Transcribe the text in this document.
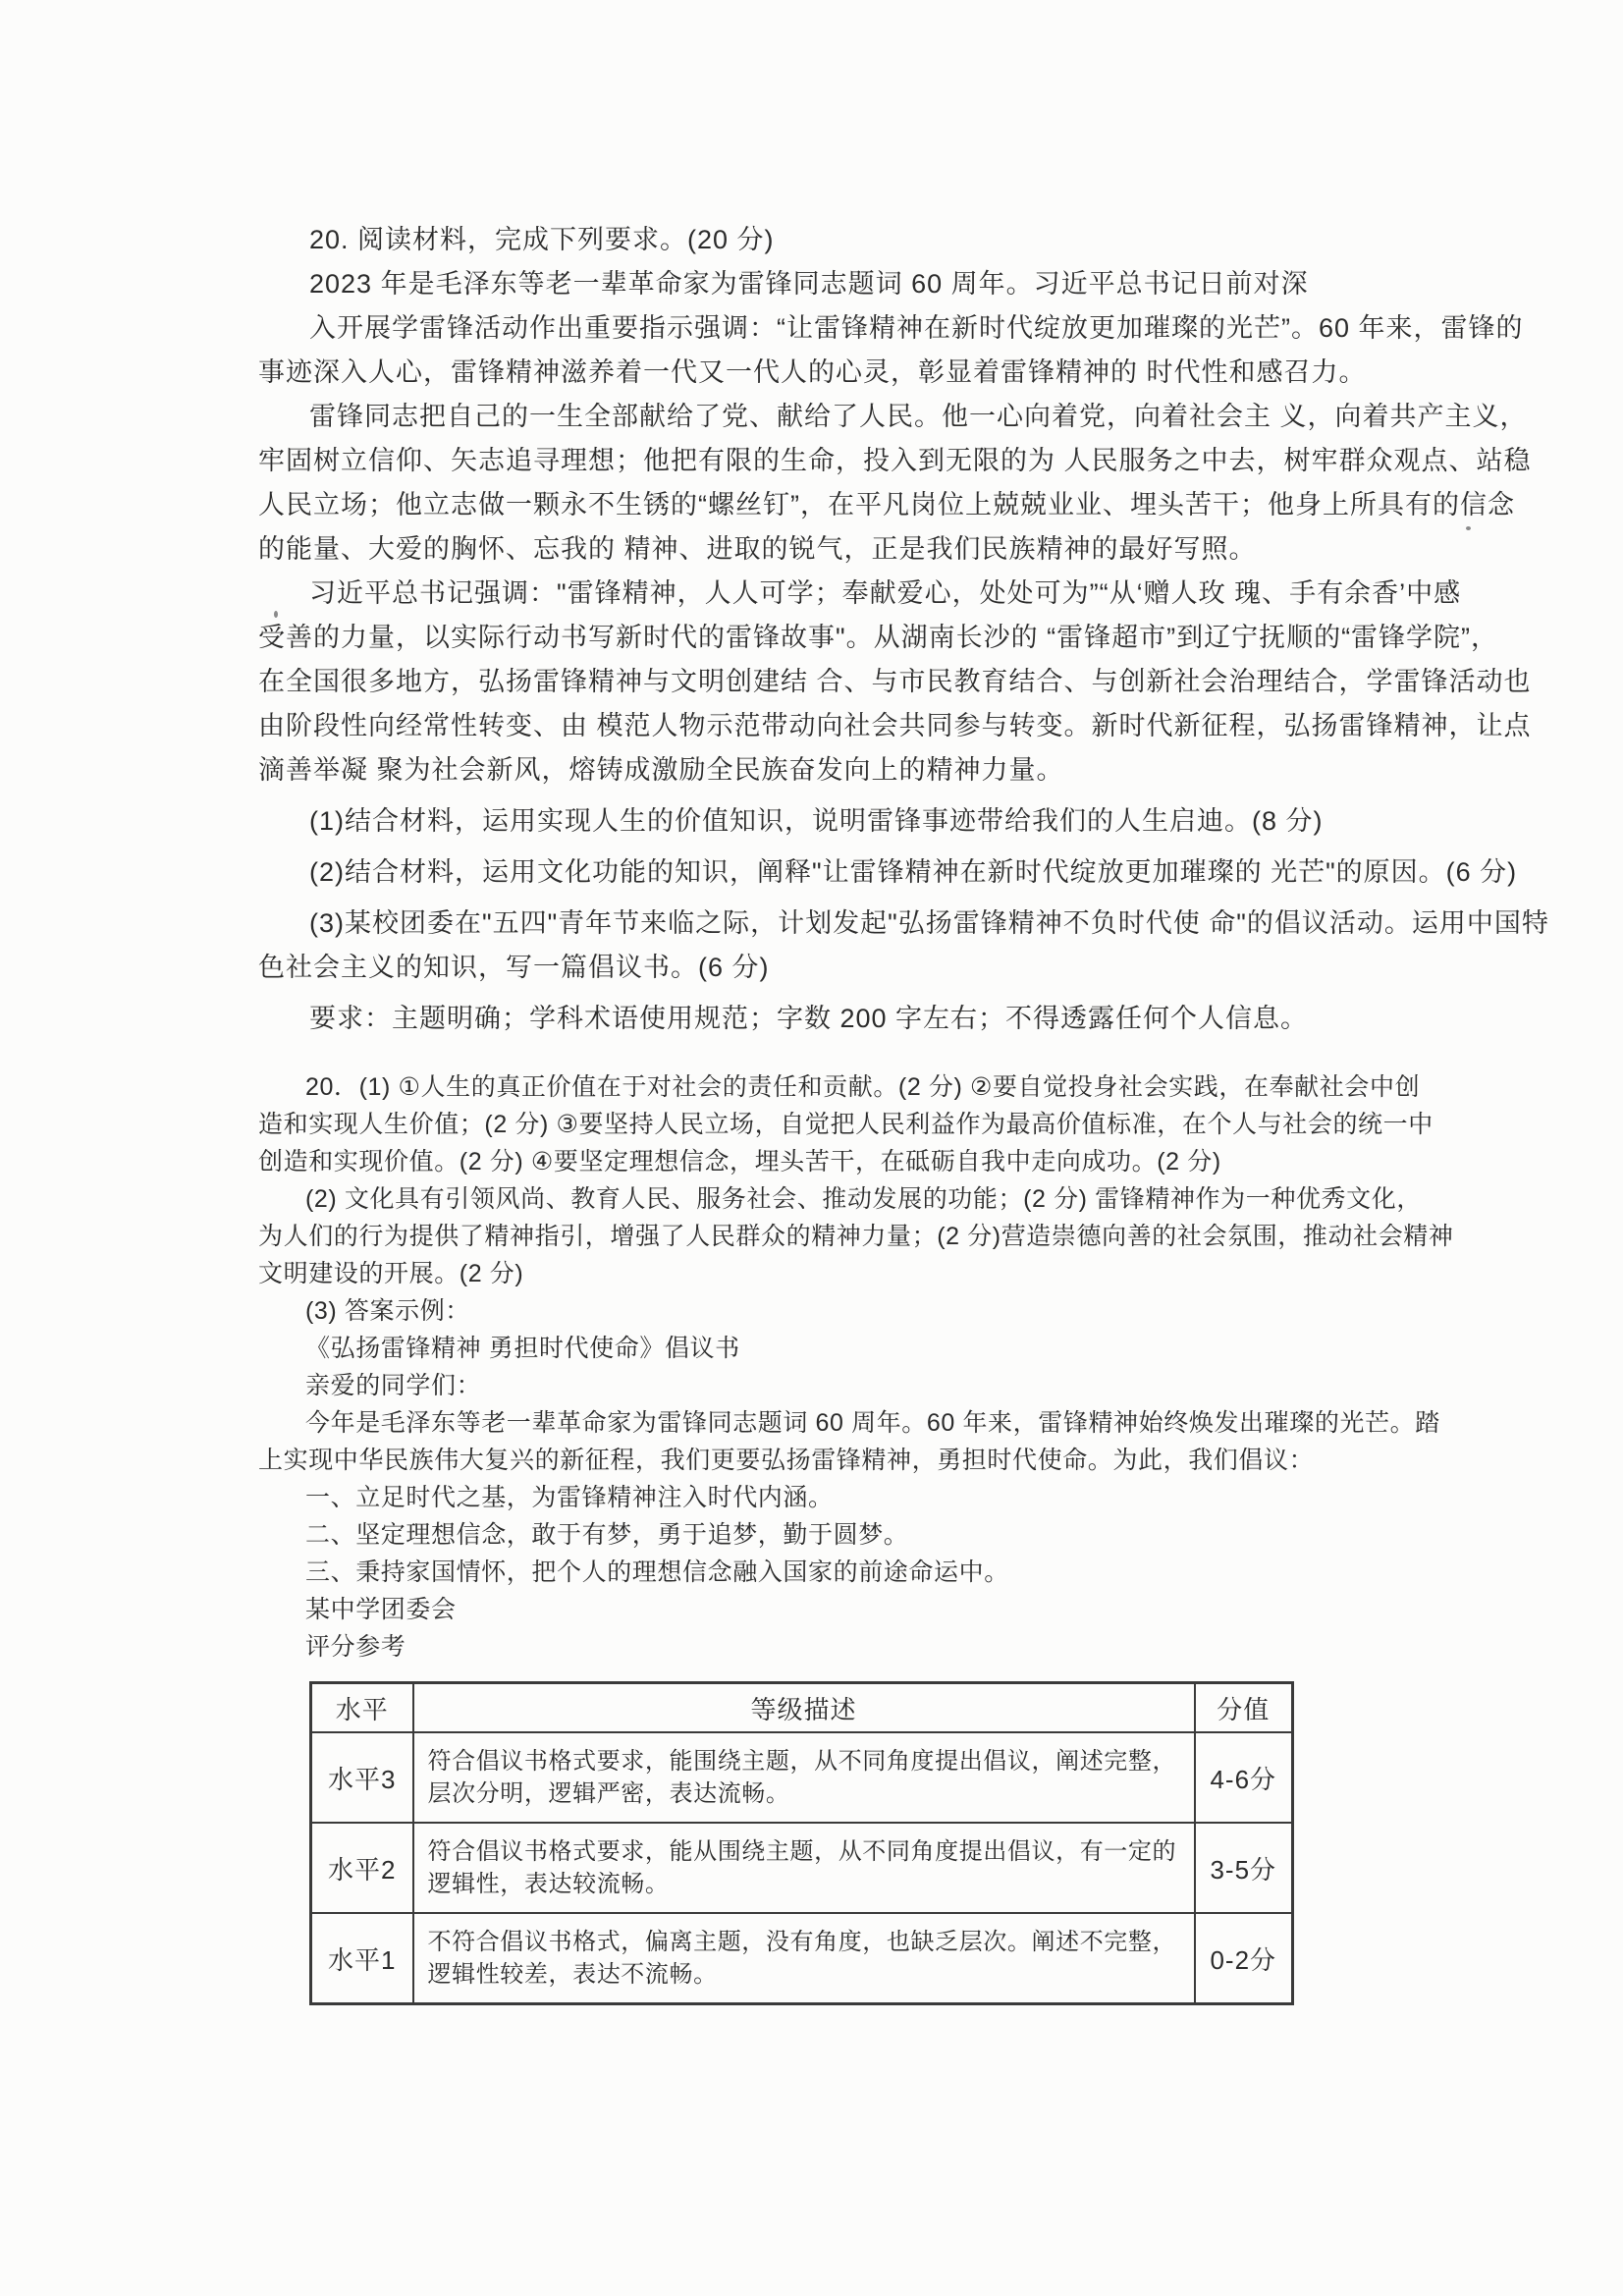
20. 阅读材料，完成下列要求。(20 分)
2023 年是毛泽东等老一辈革命家为雷锋同志题词 60 周年。习近平总书记日前对深
入开展学雷锋活动作出重要指示强调：“让雷锋精神在新时代绽放更加璀璨的光芒”。60 年来，雷锋的
事迹深入人心，雷锋精神滋养着一代又一代人的心灵，彰显着雷锋精神的 时代性和感召力。
雷锋同志把自己的一生全部献给了党、献给了人民。他一心向着党，向着社会主 义，向着共产主义，
牢固树立信仰、矢志追寻理想；他把有限的生命，投入到无限的为 人民服务之中去，树牢群众观点、站稳
人民立场；他立志做一颗永不生锈的“螺丝钉”，在平凡岗位上兢兢业业、埋头苦干；他身上所具有的信念
的能量、大爱的胸怀、忘我的 精神、进取的锐气，正是我们民族精神的最好写照。
习近平总书记强调："雷锋精神，人人可学；奉献爱心，处处可为”“从‘赠人玫 瑰、手有余香’中感
受善的力量，以实际行动书写新时代的雷锋故事"。从湖南长沙的 “雷锋超市”到辽宁抚顺的“雷锋学院”，
在全国很多地方，弘扬雷锋精神与文明创建结 合、与市民教育结合、与创新社会治理结合，学雷锋活动也
由阶段性向经常性转变、由 模范人物示范带动向社会共同参与转变。新时代新征程，弘扬雷锋精神，让点
滴善举凝 聚为社会新风，熔铸成激励全民族奋发向上的精神力量。
(1)结合材料，运用实现人生的价值知识，说明雷锋事迹带给我们的人生启迪。(8 分)
(2)结合材料，运用文化功能的知识，阐释"让雷锋精神在新时代绽放更加璀璨的 光芒"的原因。(6 分)
(3)某校团委在"五四"青年节来临之际，计划发起"弘扬雷锋精神不负时代使 命"的倡议活动。运用中国特
色社会主义的知识，写一篇倡议书。(6 分)
要求：主题明确；学科术语使用规范；字数 200 字左右；不得透露任何个人信息。
20．(1) ①人生的真正价值在于对社会的责任和贡献。(2 分) ②要自觉投身社会实践，在奉献社会中创
造和实现人生价值；(2 分) ③要坚持人民立场，自觉把人民利益作为最高价值标准，在个人与社会的统一中
创造和实现价值。(2 分) ④要坚定理想信念，埋头苦干，在砥砺自我中走向成功。(2 分)
(2) 文化具有引领风尚、教育人民、服务社会、推动发展的功能；(2 分) 雷锋精神作为一种优秀文化，
为人们的行为提供了精神指引，增强了人民群众的精神力量；(2 分)营造崇德向善的社会氛围，推动社会精神
文明建设的开展。(2 分)
(3) 答案示例：
《弘扬雷锋精神 勇担时代使命》倡议书
亲爱的同学们：
今年是毛泽东等老一辈革命家为雷锋同志题词 60 周年。60 年来，雷锋精神始终焕发出璀璨的光芒。踏
上实现中华民族伟大复兴的新征程，我们更要弘扬雷锋精神，勇担时代使命。为此，我们倡议：
一、立足时代之基，为雷锋精神注入时代内涵。
二、坚定理想信念，敢于有梦，勇于追梦，勤于圆梦。
三、秉持家国情怀，把个人的理想信念融入国家的前途命运中。
某中学团委会
评分参考
水平	等级描述	分值
水平3	符合倡议书格式要求，能围绕主题，从不同角度提出倡议，阐述完整，层次分明，逻辑严密，表达流畅。	4-6分
水平2	符合倡议书格式要求，能从围绕主题，从不同角度提出倡议，有一定的逻辑性，表达较流畅。	3-5分
水平1	不符合倡议书格式，偏离主题，没有角度，也缺乏层次。阐述不完整，逻辑性较差，表达不流畅。	0-2分
